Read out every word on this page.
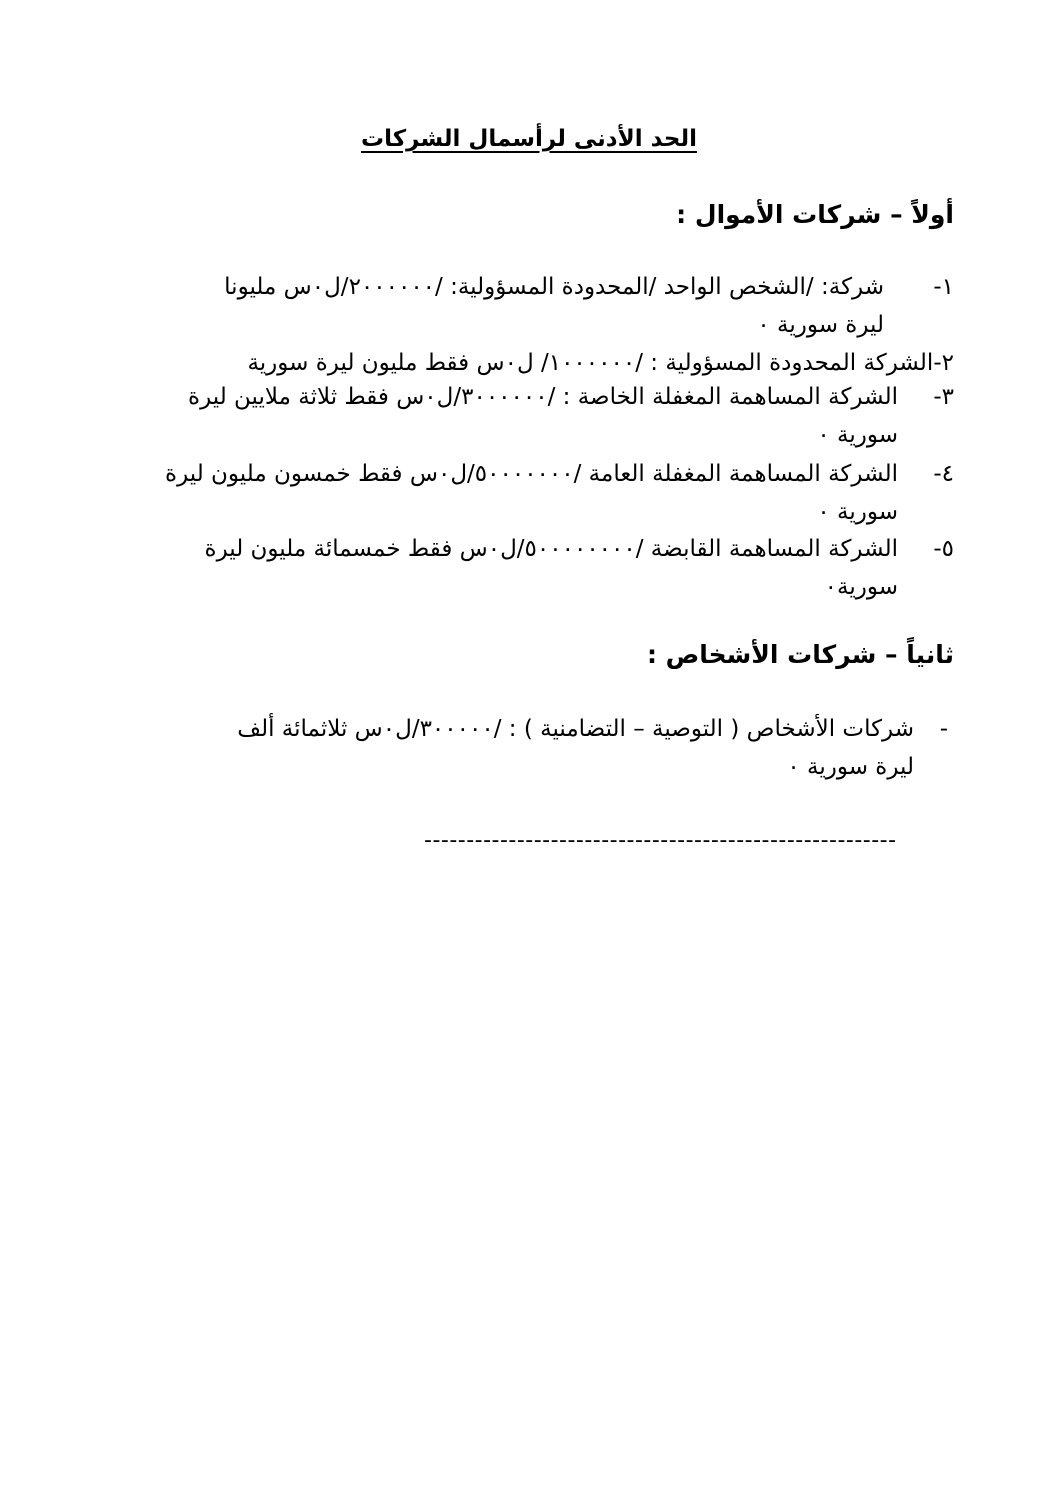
الحد الأدنى لرأسمال الشركات
أولاً – شركات الأموال :
١-
شركة: /الشخص الواحد /المحدودة المسؤولية: /٢٠٠٠٠٠٠/ل٠س مليونا
ليرة سورية ٠
٢-الشركة المحدودة المسؤولية : /١٠٠٠٠٠٠/ ل٠س فقط مليون ليرة سورية
٣-
الشركة المساهمة المغفلة الخاصة : /٣٠٠٠٠٠٠/ل٠س فقط ثلاثة ملايين ليرة
سورية ٠
٤-
الشركة المساهمة المغفلة العامة /٥٠٠٠٠٠٠٠/ل٠س فقط خمسون مليون ليرة
سورية ٠
٥-
الشركة المساهمة القابضة /٥٠٠٠٠٠٠٠٠/ل٠س فقط خمسمائة مليون ليرة
سورية٠
ثانياً – شركات الأشخاص :
-
شركات الأشخاص ( التوصية – التضامنية ) : /٣٠٠٠٠٠/ل٠س ثلاثمائة ألف
ليرة سورية ٠
--------------------------------------------------------
